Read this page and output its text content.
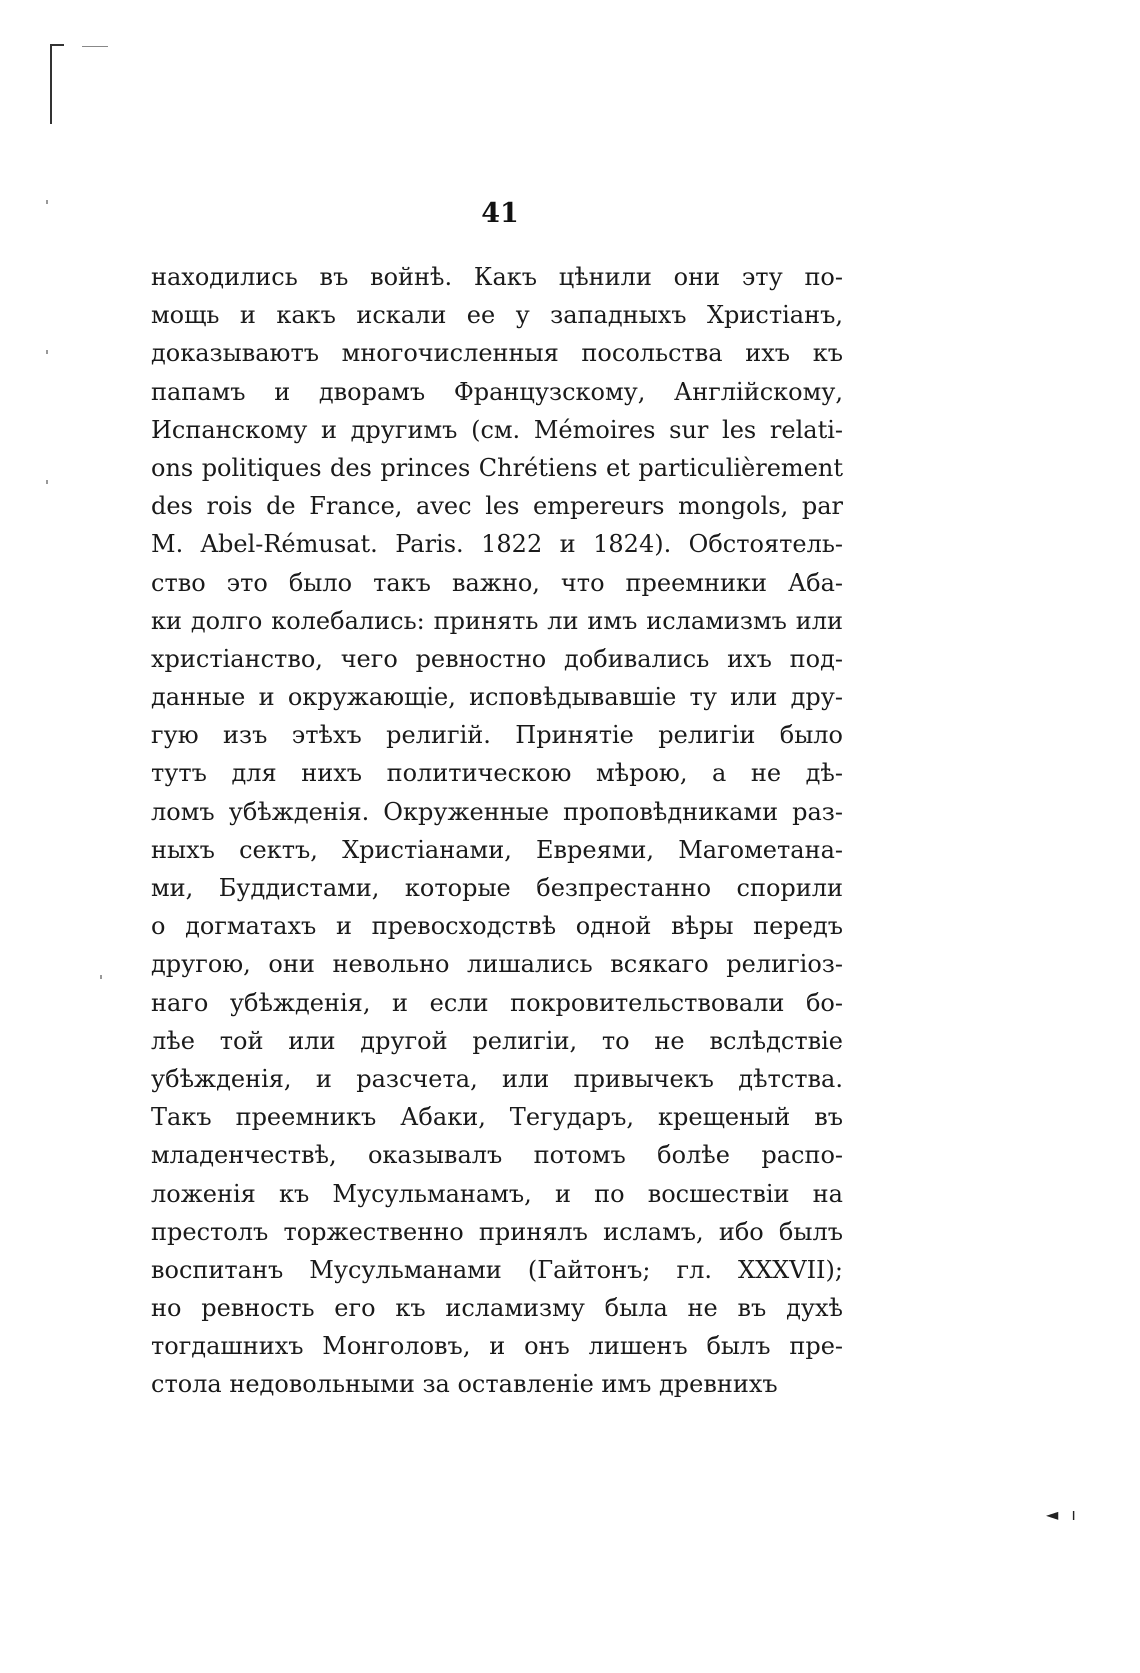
◄ ı
41
находились въ войнѣ. Какъ цѣнили они эту по-
мощь и какъ искали ее у западныхъ Христіанъ,
доказываютъ многочисленныя посольства ихъ къ
папамъ и дворамъ Французскому, Англійскому,
Испанскому и другимъ (см. Mémoires sur les relati-
ons politiques des princes Chrétiens et particulièrement
des rois de France, avec les empereurs mongols, par
M. Abel-Rémusat. Paris. 1822 и 1824). Обстоятель-
ство это было такъ важно, что преемники Аба-
ки долго колебались: принять ли имъ исламизмъ или
христіанство, чего ревностно добивались ихъ под-
данные и окружающіе, исповѣдывавшіе ту или дру-
гую изъ этѣхъ религій. Принятіе религіи было
тутъ для нихъ политическою мѣрою, а не дѣ-
ломъ убѣжденія. Окруженные проповѣдниками раз-
ныхъ сектъ, Христіанами, Евреями, Магометана-
ми, Буддистами, которые безпрестанно спорили
о догматахъ и превосходствѣ одной вѣры передъ
другою, они невольно лишались всякаго религіоз-
наго убѣжденія, и если покровительствовали бо-
лѣе той или другой религіи, то не вслѣдствіе
убѣжденія, и разсчета, или привычекъ дѣтства.
Такъ преемникъ Абаки, Тегударъ, крещеный въ
младенчествѣ, оказывалъ потомъ болѣе распо-
ложенія къ Мусульманамъ, и по восшествіи на
престолъ торжественно принялъ исламъ, ибо былъ
воспитанъ Мусульманами (Гайтонъ; гл. XXXVII);
но ревность его къ исламизму была не въ духѣ
тогдашнихъ Монголовъ, и онъ лишенъ былъ пре-
стола недовольными за оставленіе имъ древнихъ
